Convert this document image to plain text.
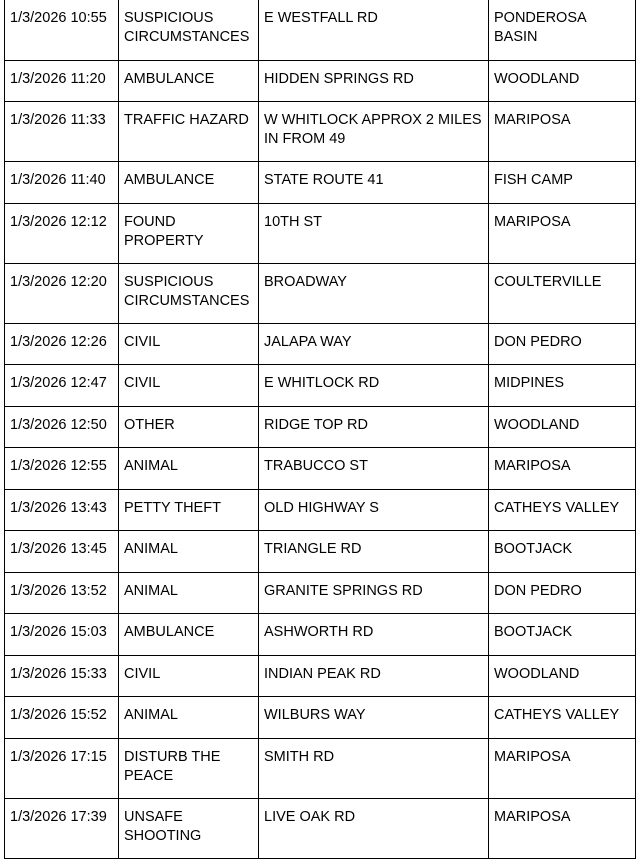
1/3/2026 10:55	SUSPICIOUS CIRCUMSTANCES	E WESTFALL RD	PONDEROSA BASIN
1/3/2026 11:20	AMBULANCE	HIDDEN SPRINGS RD	WOODLAND
1/3/2026 11:33	TRAFFIC HAZARD	W WHITLOCK APPROX 2 MILES IN FROM 49	MARIPOSA
1/3/2026 11:40	AMBULANCE	STATE ROUTE 41	FISH CAMP
1/3/2026 12:12	FOUND PROPERTY	10TH ST	MARIPOSA
1/3/2026 12:20	SUSPICIOUS CIRCUMSTANCES	BROADWAY	COULTERVILLE
1/3/2026 12:26	CIVIL	JALAPA WAY	DON PEDRO
1/3/2026 12:47	CIVIL	E WHITLOCK RD	MIDPINES
1/3/2026 12:50	OTHER	RIDGE TOP RD	WOODLAND
1/3/2026 12:55	ANIMAL	TRABUCCO ST	MARIPOSA
1/3/2026 13:43	PETTY THEFT	OLD HIGHWAY S	CATHEYS VALLEY
1/3/2026 13:45	ANIMAL	TRIANGLE RD	BOOTJACK
1/3/2026 13:52	ANIMAL	GRANITE SPRINGS RD	DON PEDRO
1/3/2026 15:03	AMBULANCE	ASHWORTH RD	BOOTJACK
1/3/2026 15:33	CIVIL	INDIAN PEAK RD	WOODLAND
1/3/2026 15:52	ANIMAL	WILBURS WAY	CATHEYS VALLEY
1/3/2026 17:15	DISTURB THE PEACE	SMITH RD	MARIPOSA
1/3/2026 17:39	UNSAFE SHOOTING	LIVE OAK RD	MARIPOSA
